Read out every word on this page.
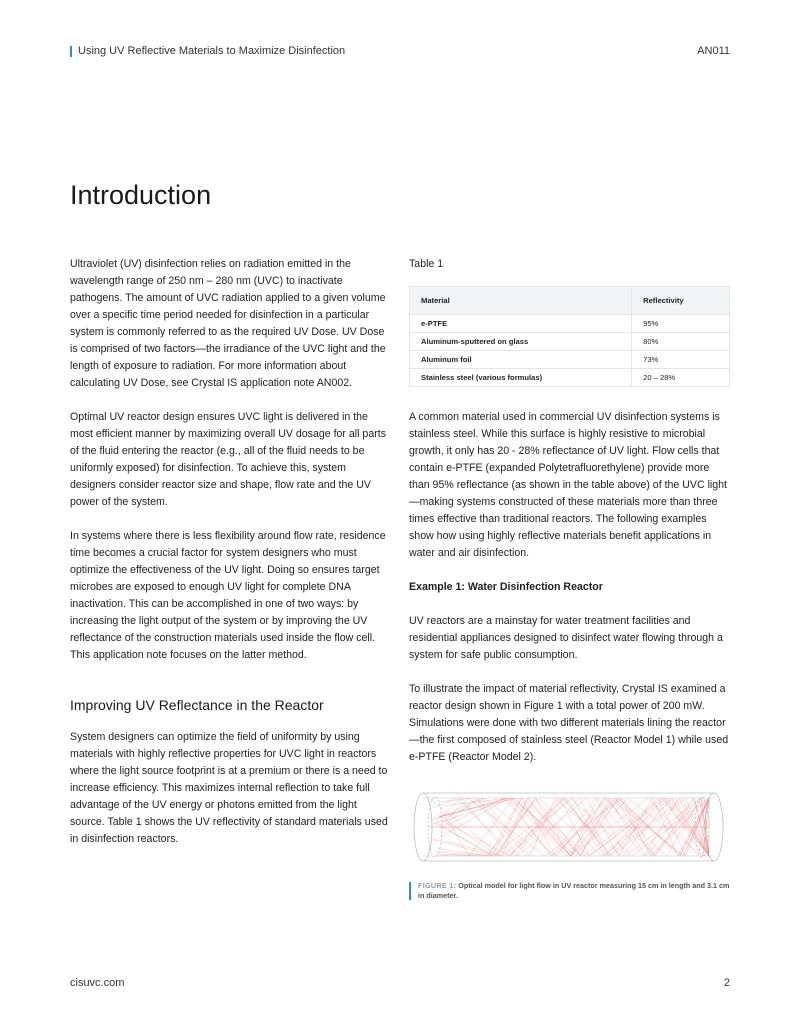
Using UV Reflective Materials to Maximize Disinfection	AN011
Introduction

Ultraviolet (UV) disinfection relies on radiation emitted in the wavelength range of 250 nm – 280 nm (UVC) to inactivate pathogens. The amount of UVC radiation applied to a given volume over a specific time period needed for disinfection in a particular system is commonly referred to as the required UV Dose. UV Dose is comprised of two factors—the irradiance of the UVC light and the length of exposure to radiation. For more information about calculating UV Dose, see Crystal IS application note AN002.

Optimal UV reactor design ensures UVC light is delivered in the most efficient manner by maximizing overall UV dosage for all parts of the fluid entering the reactor (e.g., all of the fluid needs to be uniformly exposed) for disinfection. To achieve this, system designers consider reactor size and shape, flow rate and the UV power of the system.

In systems where there is less flexibility around flow rate, residence time becomes a crucial factor for system designers who must optimize the effectiveness of the UV light. Doing so ensures target microbes are exposed to enough UV light for complete DNA inactivation. This can be accomplished in one of two ways: by increasing the light output of the system or by improving the UV reflectance of the construction materials used inside the flow cell. This application note focuses on the latter method.

Improving UV Reflectance in the Reactor

System designers can optimize the field of uniformity by using materials with highly reflective properties for UVC light in reactors where the light source footprint is at a premium or there is a need to increase efficiency. This maximizes internal reflection to take full advantage of the UV energy or photons emitted from the light source. Table 1 shows the UV reflectivity of standard materials used in disinfection reactors.

Table 1
Material	Reflectivity
e-PTFE	95%
Aluminum-sputtered on glass	80%
Aluminum foil	73%
Stainless steel (various formulas)	20 – 28%

A common material used in commercial UV disinfection systems is stainless steel. While this surface is highly resistive to microbial growth, it only has 20 - 28% reflectance of UV light. Flow cells that contain e-PTFE (expanded Polytetrafluorethylene) provide more than 95% reflectance (as shown in the table above) of the UVC light—making systems constructed of these materials more than three times effective than traditional reactors. The following examples show how using highly reflective materials benefit applications in water and air disinfection.

Example 1: Water Disinfection Reactor

UV reactors are a mainstay for water treatment facilities and residential appliances designed to disinfect water flowing through a system for safe public consumption.

To illustrate the impact of material reflectivity, Crystal IS examined a reactor design shown in Figure 1 with a total power of 200 mW. Simulations were done with two different materials lining the reactor—the first composed of stainless steel (Reactor Model 1) while used e-PTFE (Reactor Model 2).

FIGURE 1: Optical model for light flow in UV reactor measuring 15 cm in length and 3.1 cm in diameter.
cisuvc.com	2
